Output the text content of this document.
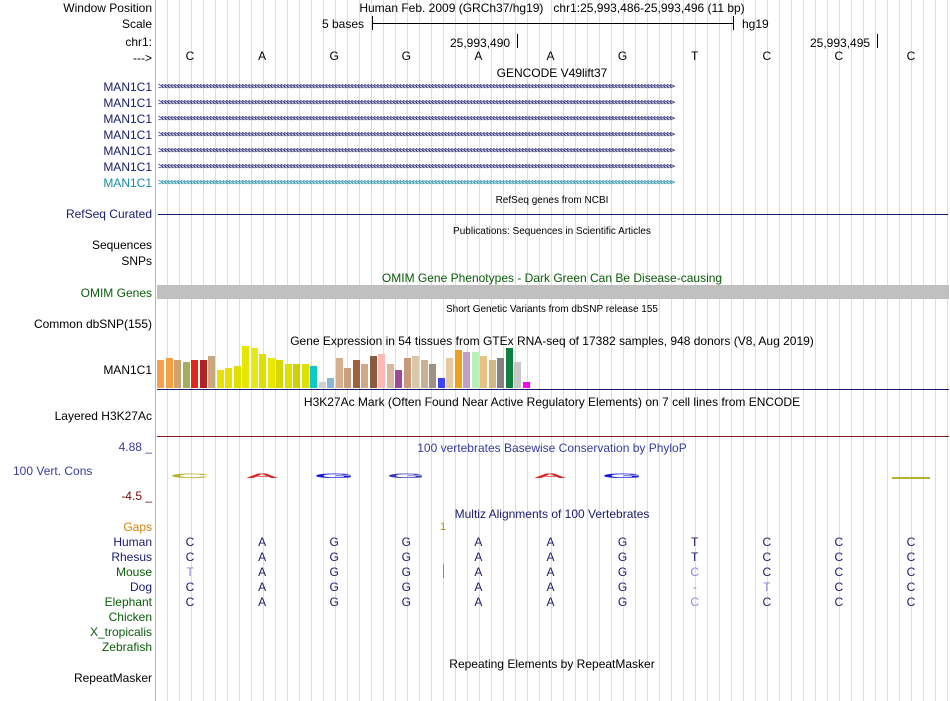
Window Position
Scale
chr1:
--->
Human Feb. 2009 (GRCh37/hg19)   chr1:25,993,486-25,993,496 (11 bp)
5 bases	hg19
25,993,490	25,993,495
C	A	G	G	A	A	G	T	C	C	C
GENCODE V49lift37
MAN1C1
MAN1C1
MAN1C1
MAN1C1
MAN1C1
MAN1C1
MAN1C1
>>>>>>>>>>>>>>>>>>>>>>>>>>>>>>>>>>>>>>>>>>>>>>>>>>>>>>>>>>>>>>>>>>>>>>>>>>>>>>>>>>>>>>>>>>>>>>>>>>>>>>>>>>>>>>>>>>>>>>>>>>>>>>>>>>>>>>>>>>>>>>>>>>>>>>>>>>>>>>>>
>>>>>>>>>>>>>>>>>>>>>>>>>>>>>>>>>>>>>>>>>>>>>>>>>>>>>>>>>>>>>>>>>>>>>>>>>>>>>>>>>>>>>>>>>>>>>>>>>>>>>>>>>>>>>>>>>>>>>>>>>>>>>>>>>>>>>>>>>>>>>>>>>>>>>>>>>>>>>>>>
>>>>>>>>>>>>>>>>>>>>>>>>>>>>>>>>>>>>>>>>>>>>>>>>>>>>>>>>>>>>>>>>>>>>>>>>>>>>>>>>>>>>>>>>>>>>>>>>>>>>>>>>>>>>>>>>>>>>>>>>>>>>>>>>>>>>>>>>>>>>>>>>>>>>>>>>>>>>>>>>
>>>>>>>>>>>>>>>>>>>>>>>>>>>>>>>>>>>>>>>>>>>>>>>>>>>>>>>>>>>>>>>>>>>>>>>>>>>>>>>>>>>>>>>>>>>>>>>>>>>>>>>>>>>>>>>>>>>>>>>>>>>>>>>>>>>>>>>>>>>>>>>>>>>>>>>>>>>>>>>>
>>>>>>>>>>>>>>>>>>>>>>>>>>>>>>>>>>>>>>>>>>>>>>>>>>>>>>>>>>>>>>>>>>>>>>>>>>>>>>>>>>>>>>>>>>>>>>>>>>>>>>>>>>>>>>>>>>>>>>>>>>>>>>>>>>>>>>>>>>>>>>>>>>>>>>>>>>>>>>>>
>>>>>>>>>>>>>>>>>>>>>>>>>>>>>>>>>>>>>>>>>>>>>>>>>>>>>>>>>>>>>>>>>>>>>>>>>>>>>>>>>>>>>>>>>>>>>>>>>>>>>>>>>>>>>>>>>>>>>>>>>>>>>>>>>>>>>>>>>>>>>>>>>>>>>>>>>>>>>>>>
>>>>>>>>>>>>>>>>>>>>>>>>>>>>>>>>>>>>>>>>>>>>>>>>>>>>>>>>>>>>>>>>>>>>>>>>>>>>>>>>>>>>>>>>>>>>>>>>>>>>>>>>>>>>>>>>>>>>>>>>>>>>>>>>>>>>>>>>>>>>>>>>>>>>>>>>>>>>>>>>
RefSeq genes from NCBI
RefSeq Curated
Publications: Sequences in Scientific Articles
Sequences
SNPs
OMIM Gene Phenotypes - Dark Green Can Be Disease-causing
OMIM Genes
Short Genetic Variants from dbSNP release 155
Common dbSNP(155)
Gene Expression in 54 tissues from GTEx RNA-seq of 17382 samples, 948 donors (V8, Aug 2019)
MAN1C1
H3K27Ac Mark (Often Found Near Active Regulatory Elements) on 7 cell lines from ENCODE
Layered H3K27Ac
100 vertebrates Basewise Conservation by PhyloP
4.88 _
100 Vert. Cons
-4.5 _
C A G G	A G
Multiz Alignments of 100 Vertebrates
Gaps	1
Human	C	A	G	G	A	A	G	T	C	C	C
Rhesus	C	A	G	G	A	A	G	T	C	C	C
Mouse	T	A	G	G	A	A	G	C	C	C	C
Dog	C	A	G	G	A	A	G	-	T	C	C
Elephant	C	A	G	G	A	A	G	C	C	C	C
Chicken
X_tropicalis
Zebrafish
Repeating Elements by RepeatMasker
RepeatMasker
